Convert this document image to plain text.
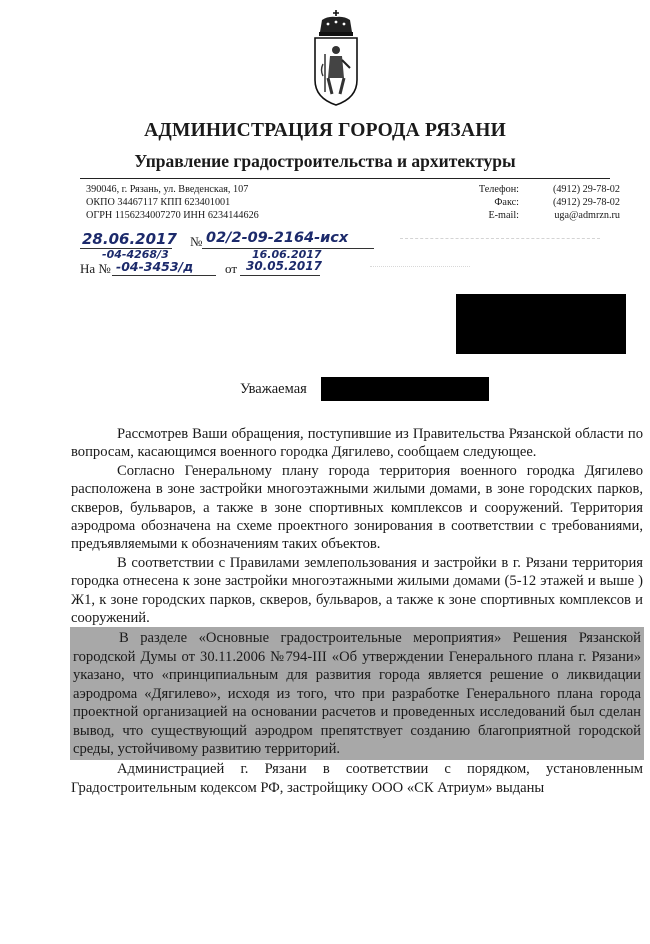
АДМИНИСТРАЦИЯ ГОРОДА РЯЗАНИ
Управление градостроительства и архитектуры
390046, г. Рязань, ул. Введенская, 107
ОКПО 34467117 КПП 623401001
ОГРН 1156234007270 ИНН 6234144626
Телефон:
Факс:
E-mail:
(4912) 29-78-02
(4912) 29-78-02
uga@admrzn.ru
28.06.2017 № 02/2-09-2164-исх
-04-4268/3	16.06.2017
На № -04-3453/д от 30.05.2017
Уважаемая

Рассмотрев Ваши обращения, поступившие из Правительства Рязанской области по вопросам, касающимся военного городка Дягилево, сообщаем следующее.

Согласно Генеральному плану города территория военного городка Дягилево расположена в зоне застройки многоэтажными жилыми домами, в зоне городских парков, скверов, бульваров, а также в зоне спортивных комплексов и сооружений. Территория аэродрома обозначена на схеме проектного зонирования в соответствии с требованиями, предъявляемыми к обозначениям таких объектов.

В соответствии с Правилами землепользования и застройки в г. Рязани территория городка отнесена к зоне застройки многоэтажными жилыми домами (5-12 этажей и выше ) Ж1, к зоне городских парков, скверов, бульваров, а также к зоне спортивных комплексов и сооружений.

В разделе «Основные градостроительные мероприятия» Решения Рязанской городской Думы от 30.11.2006 №794-III «Об утверждении Генерального плана г. Рязани» указано, что «принципиальным для развития города является решение о ликвидации аэродрома «Дягилево», исходя из того, что при разработке Генерального плана города проектной организацией на основании расчетов и проведенных исследований был сделан вывод, что существующий аэродром препятствует созданию благоприятной городской среды, устойчивому развитию территорий.

Администрацией г. Рязани в соответствии с порядком, установленным Градостроительным кодексом РФ, застройщику ООО «СК Атриум» выданы
